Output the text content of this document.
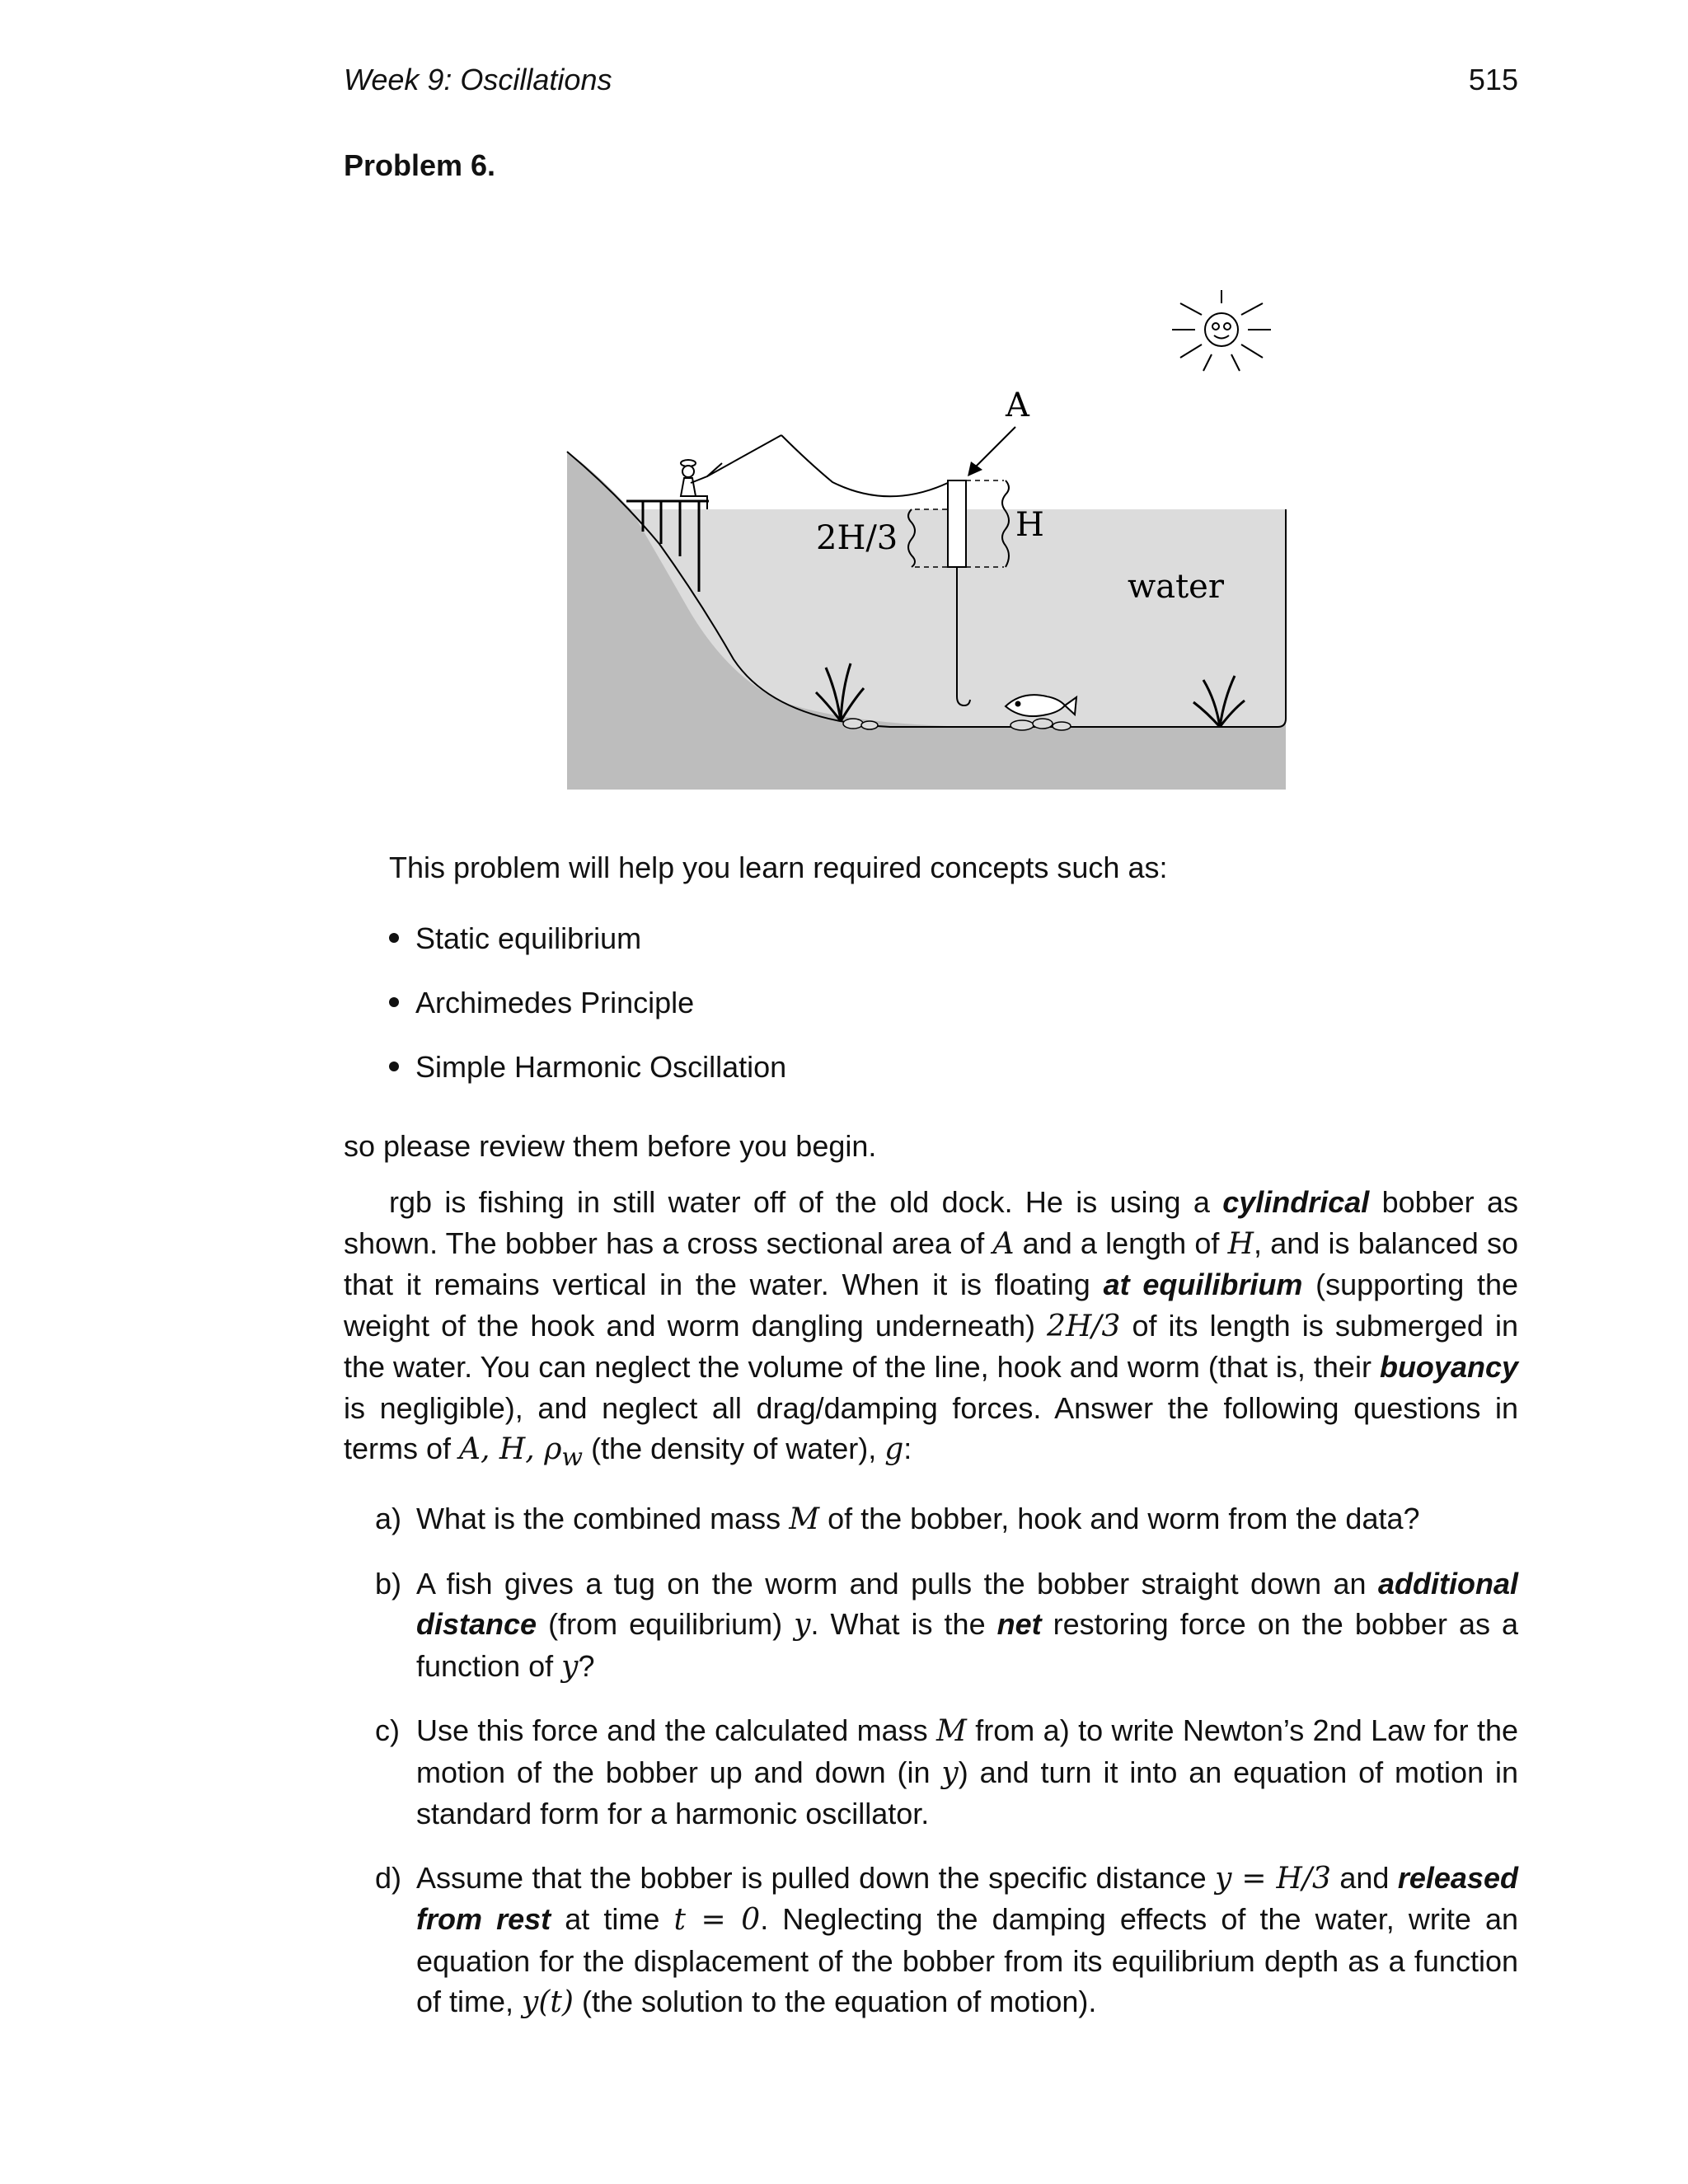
Week 9: Oscillations	515
Problem 6.
A
H
2H/3
water
This problem will help you learn required concepts such as:
Static equilibrium
Archimedes Principle
Simple Harmonic Oscillation
so please review them before you begin.
rgb is fishing in still water off of the old dock. He is using a cylindrical bobber as shown. The bobber has a cross sectional area of A and a length of H, and is balanced so that it remains vertical in the water. When it is floating at equilibrium (supporting the weight of the hook and worm dangling underneath) 2H/3 of its length is submerged in the water. You can neglect the volume of the line, hook and worm (that is, their buoyancy is negligible), and neglect all drag/damping forces. Answer the following questions in terms of A, H, $\rho_w$ (the density of water), g:
a) What is the combined mass M of the bobber, hook and worm from the data?
b) A fish gives a tug on the worm and pulls the bobber straight down an additional distance (from equilibrium) y. What is the net restoring force on the bobber as a function of y?
c) Use this force and the calculated mass M from a) to write Newton’s 2nd Law for the motion of the bobber up and down (in y) and turn it into an equation of motion in standard form for a harmonic oscillator.
d) Assume that the bobber is pulled down the specific distance y = H/3 and released from rest at time t = 0. Neglecting the damping effects of the water, write an equation for the displacement of the bobber from its equilibrium depth as a function of time, y(t) (the solution to the equation of motion).
